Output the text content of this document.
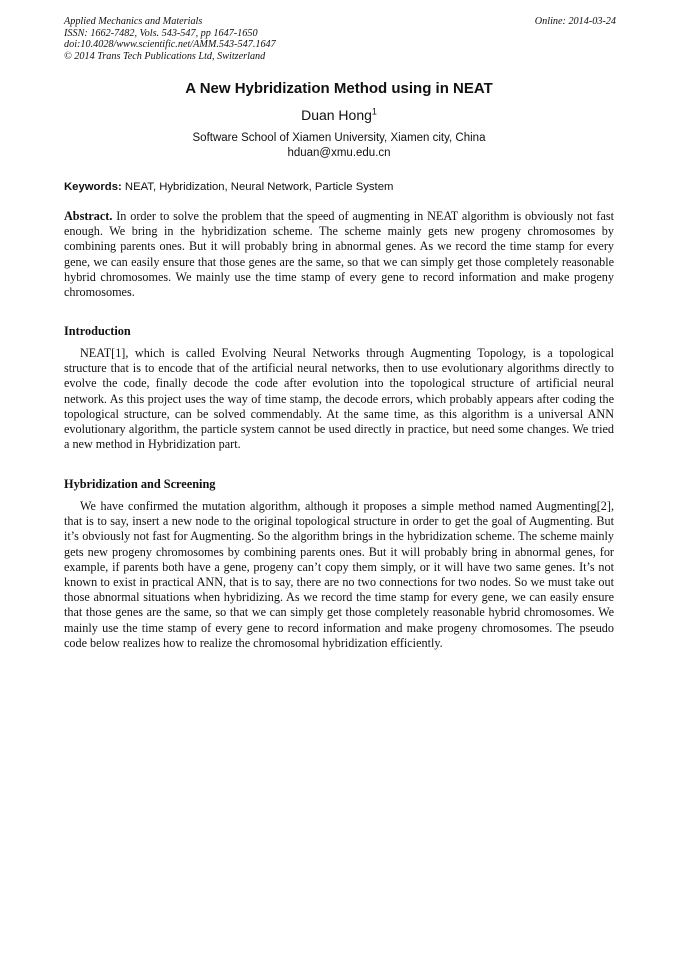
Applied Mechanics and Materials
ISSN: 1662-7482, Vols. 543-547, pp 1647-1650
doi:10.4028/www.scientific.net/AMM.543-547.1647
© 2014 Trans Tech Publications Ltd, Switzerland
Online: 2014-03-24
A New Hybridization Method using in NEAT
Duan Hong$^1$
Software School of Xiamen University, Xiamen city, China
hduan@xmu.edu.cn
Keywords: NEAT, Hybridization, Neural Network, Particle System

Abstract. In order to solve the problem that the speed of augmenting in NEAT algorithm is obviously not fast enough. We bring in the hybridization scheme. The scheme mainly gets new progeny chromosomes by combining parents ones. But it will probably bring in abnormal genes. As we record the time stamp for every gene, we can easily ensure that those genes are the same, so that we can simply get those completely reasonable hybrid chromosomes. We mainly use the time stamp of every gene to record information and make progeny chromosomes.

Introduction

NEAT[1], which is called Evolving Neural Networks through Augmenting Topology, is a topological structure that is to encode that of the artificial neural networks, then to use evolutionary algorithms directly to evolve the code, finally decode the code after evolution into the topological structure of artificial neural network. As this project uses the way of time stamp, the decode errors, which probably appears after coding the topological structure, can be solved commendably. At the same time, as this algorithm is a universal ANN evolutionary algorithm, the particle system cannot be used directly in practice, but need some changes. We tried a new method in Hybridization part.

Hybridization and Screening

We have confirmed the mutation algorithm, although it proposes a simple method named Augmenting[2], that is to say, insert a new node to the original topological structure in order to get the goal of Augmenting. But it’s obviously not fast for Augmenting. So the algorithm brings in the hybridization scheme. The scheme mainly gets new progeny chromosomes by combining parents ones. But it will probably bring in abnormal genes, for example, if parents both have a gene, progeny can’t copy them simply, or it will have two same genes. It’s not known to exist in practical ANN, that is to say, there are no two connections for two nodes. So we must take out those abnormal situations when hybridizing. As we record the time stamp for every gene, we can easily ensure that those genes are the same, so that we can simply get those completely reasonable hybrid chromosomes. We mainly use the time stamp of every gene to record information and make progeny chromosomes. The pseudo code below realizes how to realize the chromosomal hybridization efficiently.
